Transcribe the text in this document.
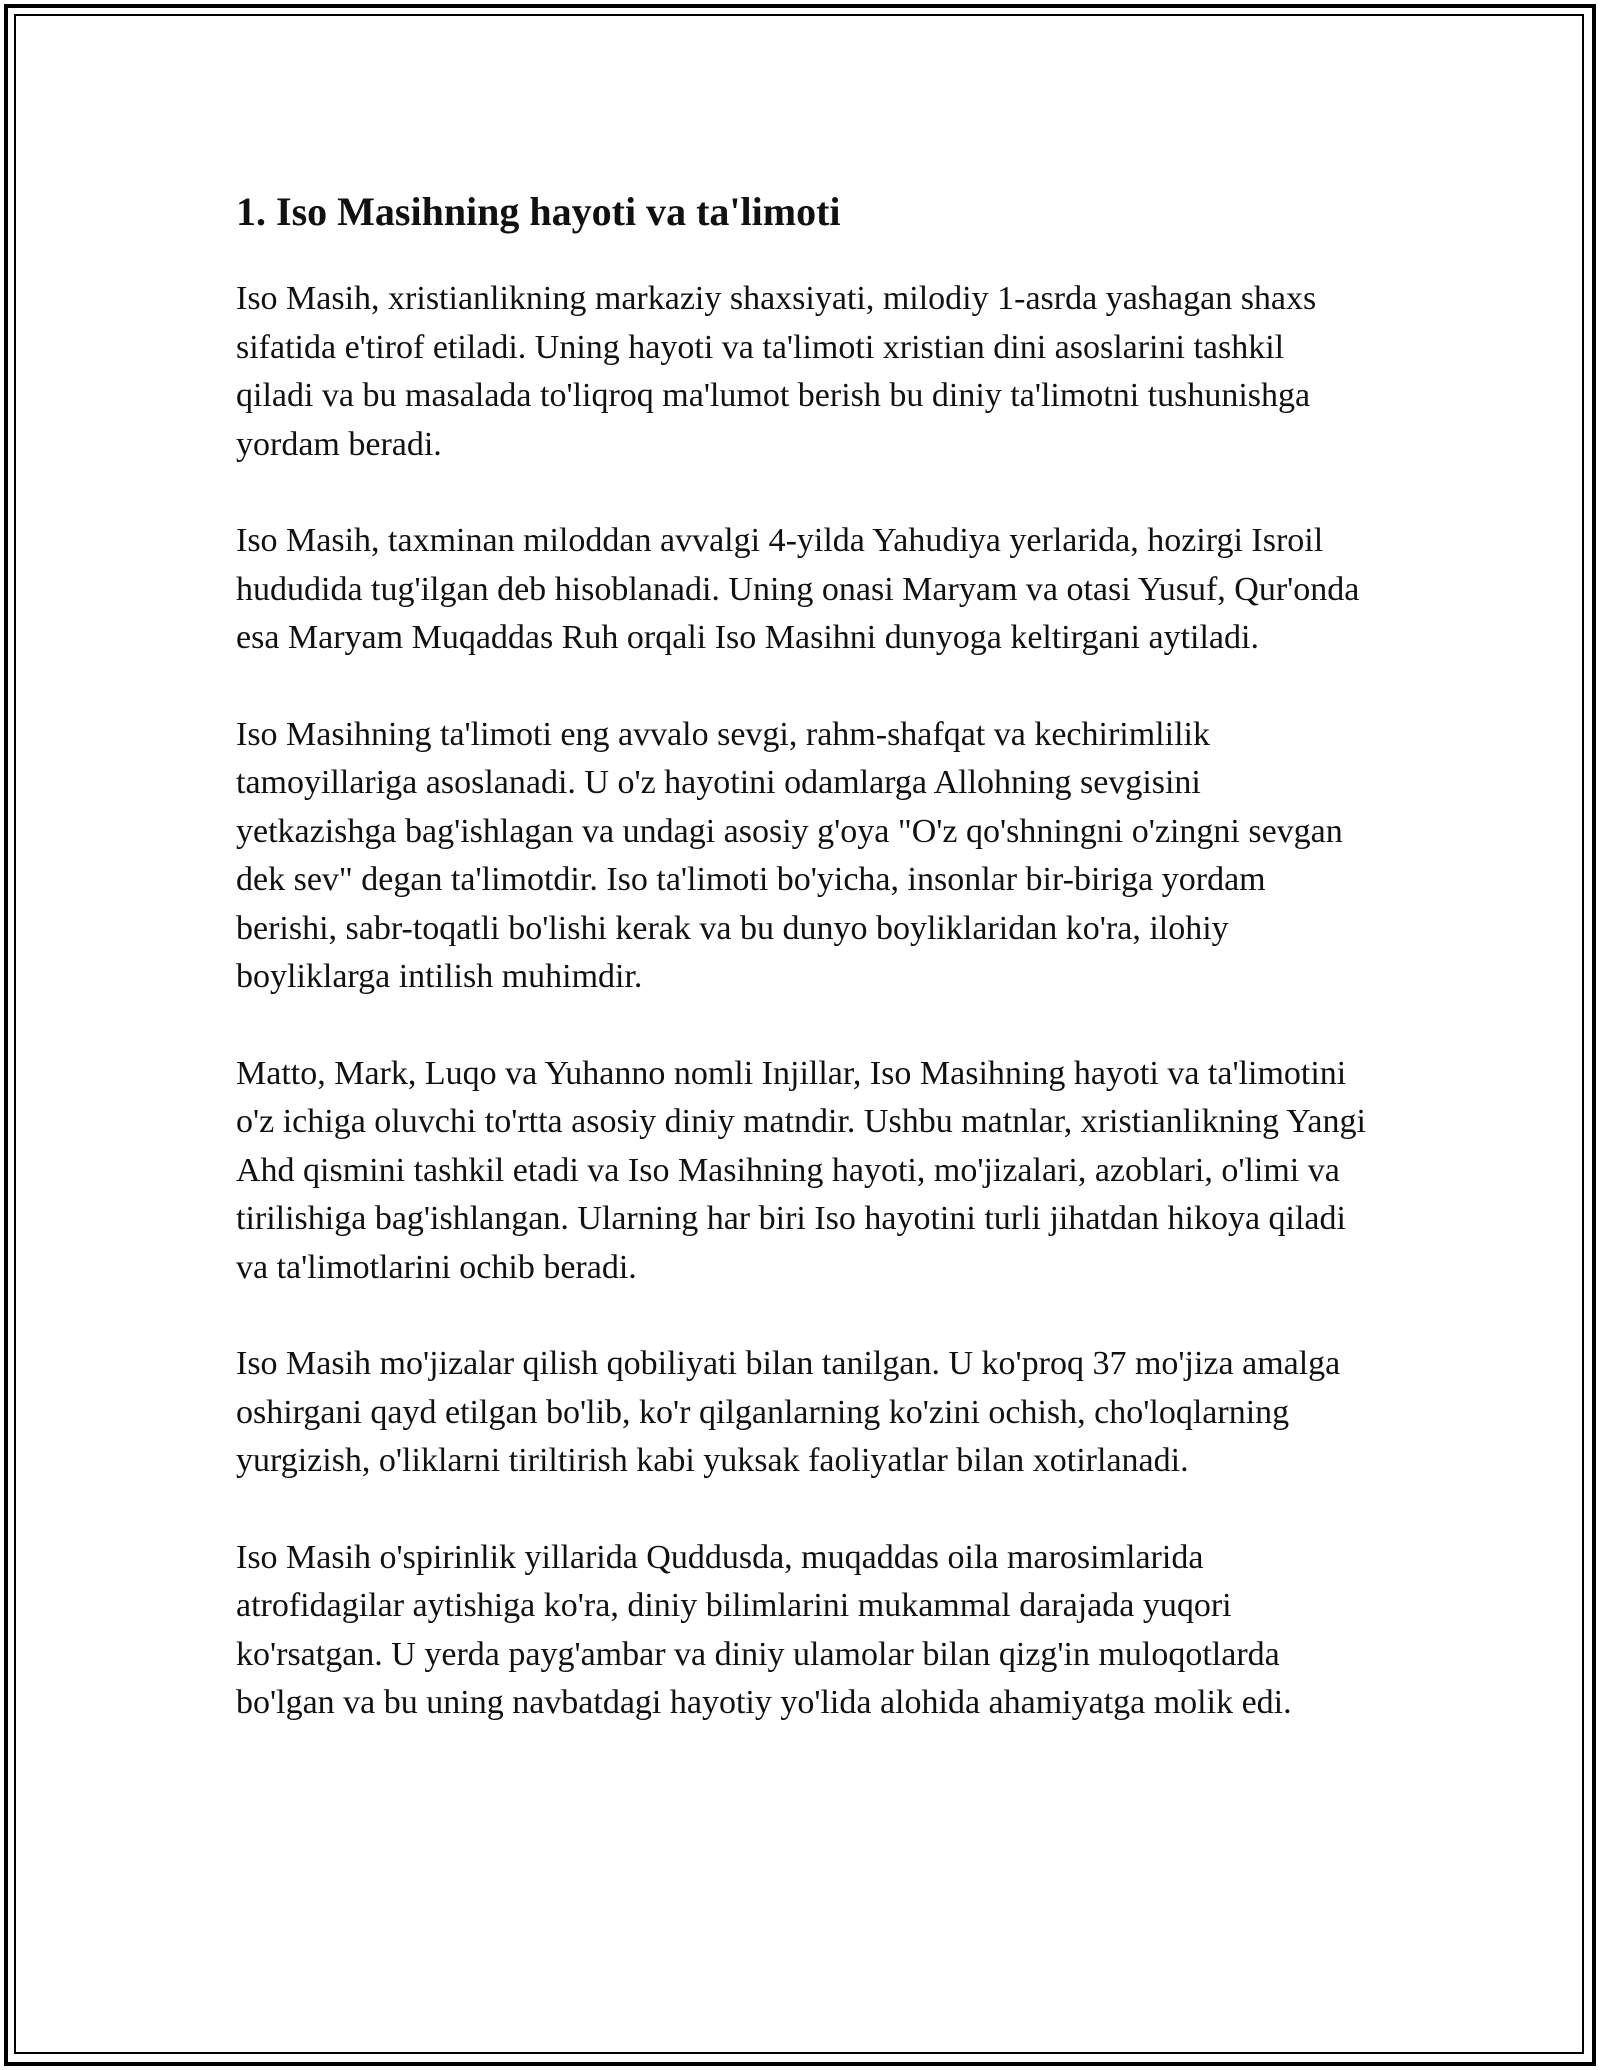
1. Iso Masihning hayoti va ta'limoti

Iso Masih, xristianlikning markaziy shaxsiyati, milodiy 1-asrda yashagan shaxs sifatida e'tirof etiladi. Uning hayoti va ta'limoti xristian dini asoslarini tashkil qiladi va bu masalada to'liqroq ma'lumot berish bu diniy ta'limotni tushunishga yordam beradi.

Iso Masih, taxminan miloddan avvalgi 4-yilda Yahudiya yerlarida, hozirgi Isroil hududida tug'ilgan deb hisoblanadi. Uning onasi Maryam va otasi Yusuf, Qur'onda esa Maryam Muqaddas Ruh orqali Iso Masihni dunyoga keltirgani aytiladi.

Iso Masihning ta'limoti eng avvalo sevgi, rahm-shafqat va kechirimlilik tamoyillariga asoslanadi. U o'z hayotini odamlarga Allohning sevgisini yetkazishga bag'ishlagan va undagi asosiy g'oya "O'z qo'shningni o'zingni sevgan dek sev" degan ta'limotdir. Iso ta'limoti bo'yicha, insonlar bir-biriga yordam berishi, sabr-toqatli bo'lishi kerak va bu dunyo boyliklaridan ko'ra, ilohiy boyliklarga intilish muhimdir.

Matto, Mark, Luqo va Yuhanno nomli Injillar, Iso Masihning hayoti va ta'limotini o'z ichiga oluvchi to'rtta asosiy diniy matndir. Ushbu matnlar, xristianlikning Yangi Ahd qismini tashkil etadi va Iso Masihning hayoti, mo'jizalari, azoblari, o'limi va tirilishiga bag'ishlangan. Ularning har biri Iso hayotini turli jihatdan hikoya qiladi va ta'limotlarini ochib beradi.

Iso Masih mo'jizalar qilish qobiliyati bilan tanilgan. U ko'proq 37 mo'jiza amalga oshirgani qayd etilgan bo'lib, ko'r qilganlarning ko'zini ochish, cho'loqlarning yurgizish, o'liklarni tiriltirish kabi yuksak faoliyatlar bilan xotirlanadi.

Iso Masih o'spirinlik yillarida Quddusda, muqaddas oila marosimlarida atrofidagilar aytishiga ko'ra, diniy bilimlarini mukammal darajada yuqori ko'rsatgan. U yerda payg'ambar va diniy ulamolar bilan qizg'in muloqotlarda bo'lgan va bu uning navbatdagi hayotiy yo'lida alohida ahamiyatga molik edi.
